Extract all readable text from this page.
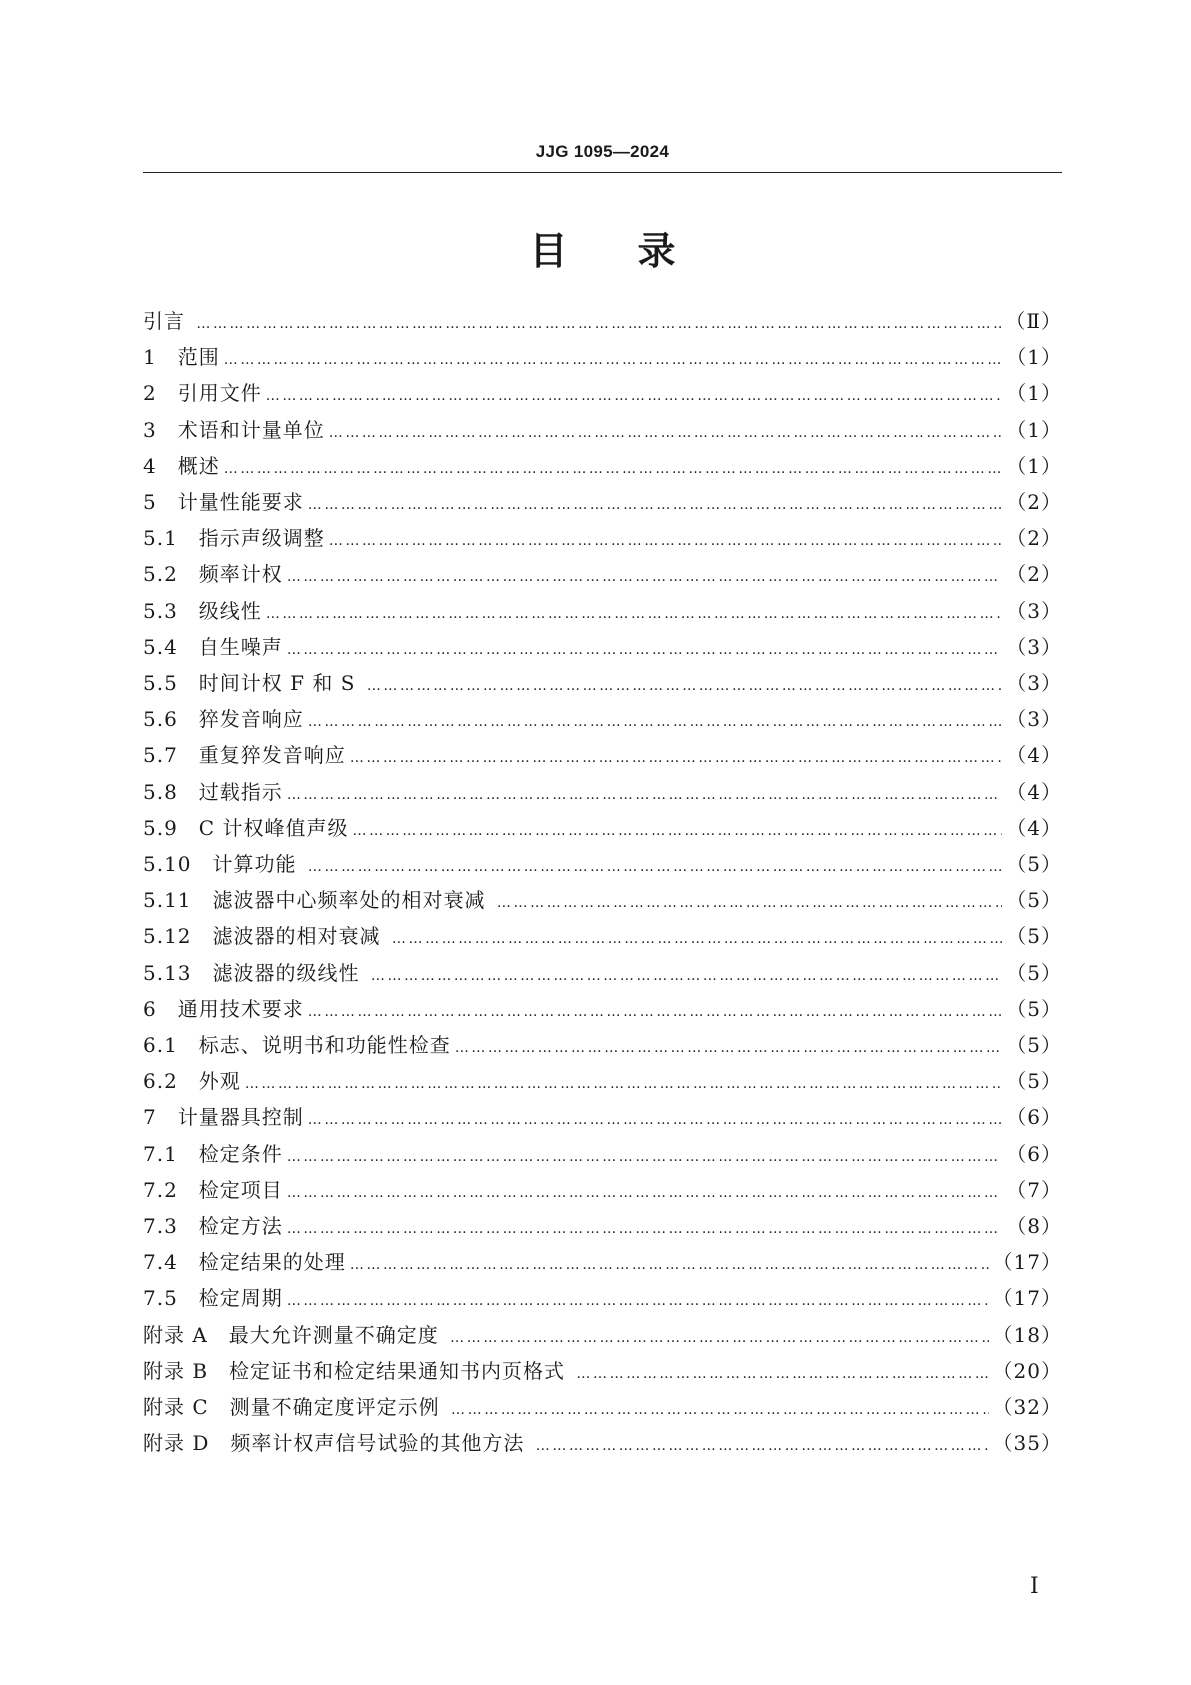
JJG 1095—2024
目录
引言 ……………………………………………………………………………………………………………………………………………………………………………………………………………………………………………………………………	（Ⅱ）
1　范围 ……………………………………………………………………………………………………………………………………………………………………………………………………………………………………………………………………	（1）
2　引用文件 ……………………………………………………………………………………………………………………………………………………………………………………………………………………………………………………………………	（1）
3　术语和计量单位 ……………………………………………………………………………………………………………………………………………………………………………………………………………………………………………………………………	（1）
4　概述 ……………………………………………………………………………………………………………………………………………………………………………………………………………………………………………………………………	（1）
5　计量性能要求 ……………………………………………………………………………………………………………………………………………………………………………………………………………………………………………………………………	（2）
5.1　指示声级调整 ……………………………………………………………………………………………………………………………………………………………………………………………………………………………………………………………………	（2）
5.2　频率计权 ……………………………………………………………………………………………………………………………………………………………………………………………………………………………………………………………………	（2）
5.3　级线性 ……………………………………………………………………………………………………………………………………………………………………………………………………………………………………………………………………	（3）
5.4　自生噪声 ……………………………………………………………………………………………………………………………………………………………………………………………………………………………………………………………………	（3）
5.5　时间计权 F 和 S ……………………………………………………………………………………………………………………………………………………………………………………………………………………………………………………………………	（3）
5.6　猝发音响应 ……………………………………………………………………………………………………………………………………………………………………………………………………………………………………………………………………	（3）
5.7　重复猝发音响应 ……………………………………………………………………………………………………………………………………………………………………………………………………………………………………………………………………	（4）
5.8　过载指示 ……………………………………………………………………………………………………………………………………………………………………………………………………………………………………………………………………	（4）
5.9　C 计权峰值声级 ……………………………………………………………………………………………………………………………………………………………………………………………………………………………………………………………………	（4）
5.10　计算功能 ……………………………………………………………………………………………………………………………………………………………………………………………………………………………………………………………………	（5）
5.11　滤波器中心频率处的相对衰减 ……………………………………………………………………………………………………………………………………………………………………………………………………………………………………………………………………	（5）
5.12　滤波器的相对衰减 ……………………………………………………………………………………………………………………………………………………………………………………………………………………………………………………………………	（5）
5.13　滤波器的级线性 ……………………………………………………………………………………………………………………………………………………………………………………………………………………………………………………………………	（5）
6　通用技术要求 ……………………………………………………………………………………………………………………………………………………………………………………………………………………………………………………………………	（5）
6.1　标志、说明书和功能性检查 ……………………………………………………………………………………………………………………………………………………………………………………………………………………………………………………………………	（5）
6.2　外观 ……………………………………………………………………………………………………………………………………………………………………………………………………………………………………………………………………	（5）
7　计量器具控制 ……………………………………………………………………………………………………………………………………………………………………………………………………………………………………………………………………	（6）
7.1　检定条件 ……………………………………………………………………………………………………………………………………………………………………………………………………………………………………………………………………	（6）
7.2　检定项目 ……………………………………………………………………………………………………………………………………………………………………………………………………………………………………………………………………	（7）
7.3　检定方法 ……………………………………………………………………………………………………………………………………………………………………………………………………………………………………………………………………	（8）
7.4　检定结果的处理 ……………………………………………………………………………………………………………………………………………………………………………………………………………………………………………………………………	（17）
7.5　检定周期 ……………………………………………………………………………………………………………………………………………………………………………………………………………………………………………………………………	（17）
附录 A　最大允许测量不确定度 ……………………………………………………………………………………………………………………………………………………………………………………………………………………………………………………………………	（18）
附录 B　检定证书和检定结果通知书内页格式 ……………………………………………………………………………………………………………………………………………………………………………………………………………………………………………………………………	（20）
附录 C　测量不确定度评定示例 ……………………………………………………………………………………………………………………………………………………………………………………………………………………………………………………………………	（32）
附录 D　频率计权声信号试验的其他方法 ……………………………………………………………………………………………………………………………………………………………………………………………………………………………………………………………………	（35）
I
